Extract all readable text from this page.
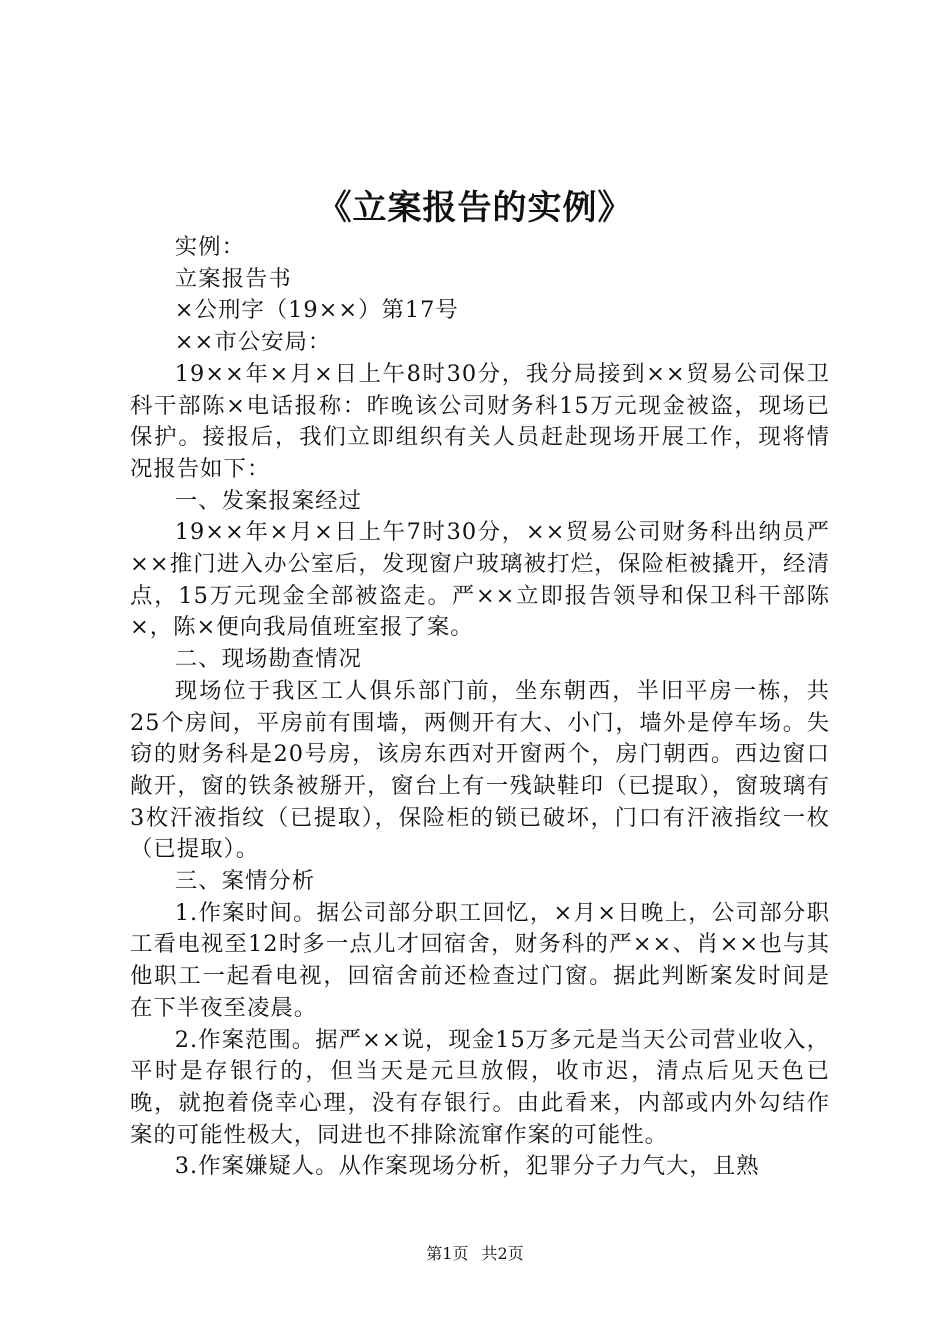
《立案报告的实例》

实例：

立案报告书

×公刑字（19××）第17号

××市公安局：

19××年×月×日上午8时30分，我分局接到××贸易公司保卫科干部陈×电话报称：昨晚该公司财务科15万元现金被盗，现场已保护。接报后，我们立即组织有关人员赶赴现场开展工作，现将情况报告如下：

一、发案报案经过

19××年×月×日上午7时30分，××贸易公司财务科出纳员严××推门进入办公室后，发现窗户玻璃被打烂，保险柜被撬开，经清点，15万元现金全部被盗走。严××立即报告领导和保卫科干部陈×，陈×便向我局值班室报了案。

二、现场勘查情况

现场位于我区工人俱乐部门前，坐东朝西，半旧平房一栋，共25个房间，平房前有围墙，两侧开有大、小门，墙外是停车场。失窃的财务科是20号房，该房东西对开窗两个，房门朝西。西边窗口敞开，窗的铁条被掰开，窗台上有一残缺鞋印（已提取），窗玻璃有3枚汗液指纹（已提取），保险柜的锁已破坏，门口有汗液指纹一枚（已提取）。

三、案情分析

1.作案时间。据公司部分职工回忆，×月×日晚上，公司部分职工看电视至12时多一点儿才回宿舍，财务科的严××、肖××也与其他职工一起看电视，回宿舍前还检查过门窗。据此判断案发时间是在下半夜至凌晨。

2.作案范围。据严××说，现金15万多元是当天公司营业收入，平时是存银行的，但当天是元旦放假，收市迟，清点后见天色已晚，就抱着侥幸心理，没有存银行。由此看来，内部或内外勾结作案的可能性极大，同进也不排除流窜作案的可能性。

3.作案嫌疑人。从作案现场分析，犯罪分子力气大，且熟

第1页 共2页
